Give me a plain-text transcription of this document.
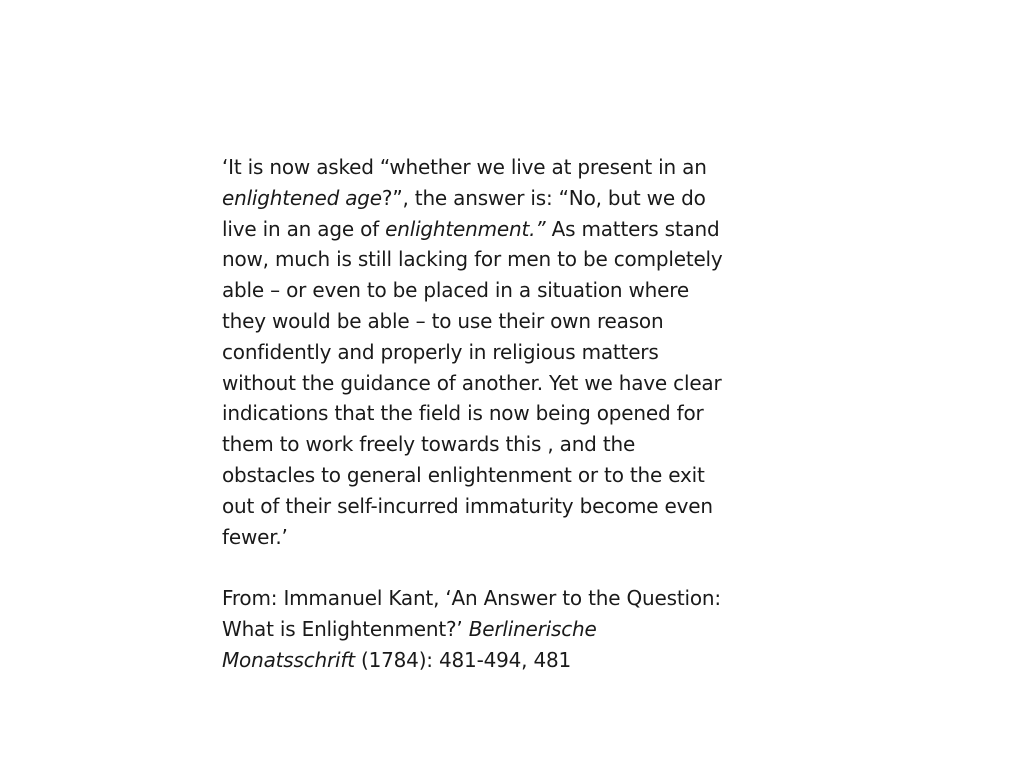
‘It is now asked “whether we live at present in an
enlightened age?”, the answer is: “No, but we do
live in an age of enlightenment.” As matters stand
now, much is still lacking for men to be completely
able – or even to be placed in a situation where
they would be able – to use their own reason
confidently and properly in religious matters
without the guidance of another. Yet we have clear
indications that the field is now being opened for
them to work freely towards this , and the
obstacles to general enlightenment or to the exit
out of their self-incurred immaturity become even
fewer.’
From: Immanuel Kant, ‘An Answer to the Question:
What is Enlightenment?’ Berlinerische
Monatsschrift (1784): 481-494, 481
